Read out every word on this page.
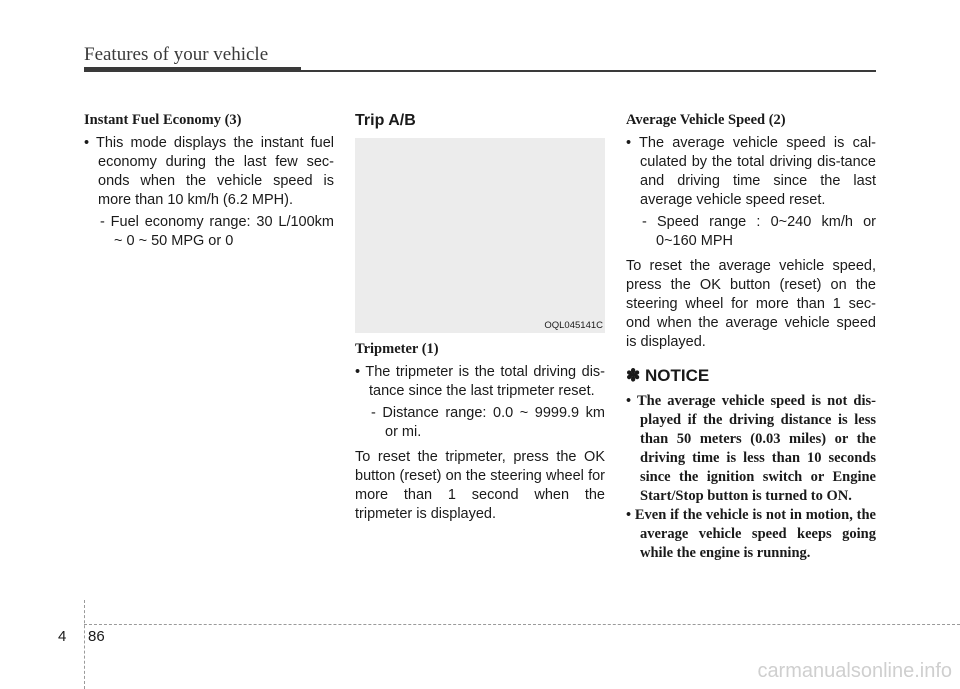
Features of your vehicle

Instant Fuel Economy (3)

• This mode displays the instant fuel economy during the last few sec-onds when the vehicle speed is more than 10 km/h (6.2 MPH).

- Fuel economy range: 30 L/100km ~ 0 ~ 50 MPG or 0

Trip A/B

OQL045141C

Tripmeter (1)

• The tripmeter is the total driving dis-tance since the last tripmeter reset.

- Distance range: 0.0 ~ 9999.9 km or mi.

To reset the tripmeter, press the OK button (reset) on the steering wheel for more than 1 second when the tripmeter is displayed.

Average Vehicle Speed (2)

• The average vehicle speed is cal-culated by the total driving dis-tance and driving time since the last average vehicle speed reset.

- Speed range : 0~240 km/h or 0~160 MPH

To reset the average vehicle speed, press the OK button (reset) on the steering wheel for more than 1 sec-ond when the average vehicle speed is displayed.

✽ NOTICE

• The average vehicle speed is not dis-played if the driving distance is less than 50 meters (0.03 miles) or the driving time is less than 10 seconds since the ignition switch or Engine Start/Stop button is turned to ON.

• Even if the vehicle is not in motion, the average vehicle speed keeps going while the engine is running.

4 86
carmanualsonline.info
